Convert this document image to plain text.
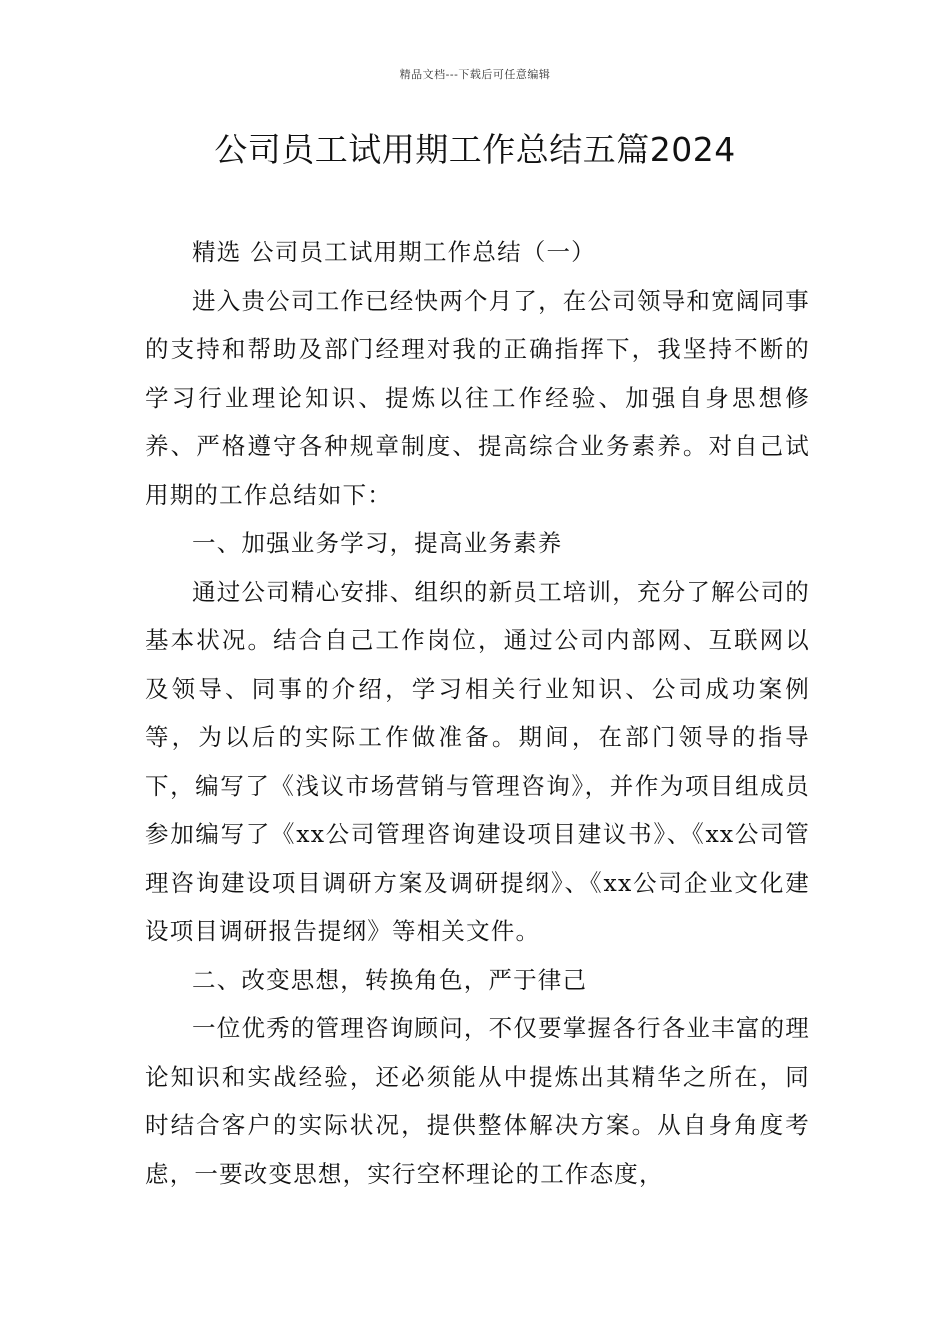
精品文档---下载后可任意编辑
公司员工试用期工作总结五篇2024

精选 公司员工试用期工作总结（一）

进入贵公司工作已经快两个月了，在公司领导和宽阔同事的支持和帮助及部门经理对我的正确指挥下，我坚持不断的学习行业理论知识、提炼以往工作经验、加强自身思想修养、严格遵守各种规章制度、提高综合业务素养。对自己试用期的工作总结如下：

一、加强业务学习，提高业务素养

通过公司精心安排、组织的新员工培训，充分了解公司的基本状况。结合自己工作岗位，通过公司内部网、互联网以及领导、同事的介绍，学习相关行业知识、公司成功案例等，为以后的实际工作做准备。期间，在部门领导的指导下，编写了《浅议市场营销与管理咨询》，并作为项目组成员参加编写了《xx公司管理咨询建设项目建议书》、《xx公司管理咨询建设项目调研方案及调研提纲》、《xx公司企业文化建设项目调研报告提纲》等相关文件。

二、改变思想，转换角色，严于律己

一位优秀的管理咨询顾问，不仅要掌握各行各业丰富的理论知识和实战经验，还必须能从中提炼出其精华之所在，同时结合客户的实际状况，提供整体解决方案。从自身角度考虑，一要改变思想，实行空杯理论的工作态度，
